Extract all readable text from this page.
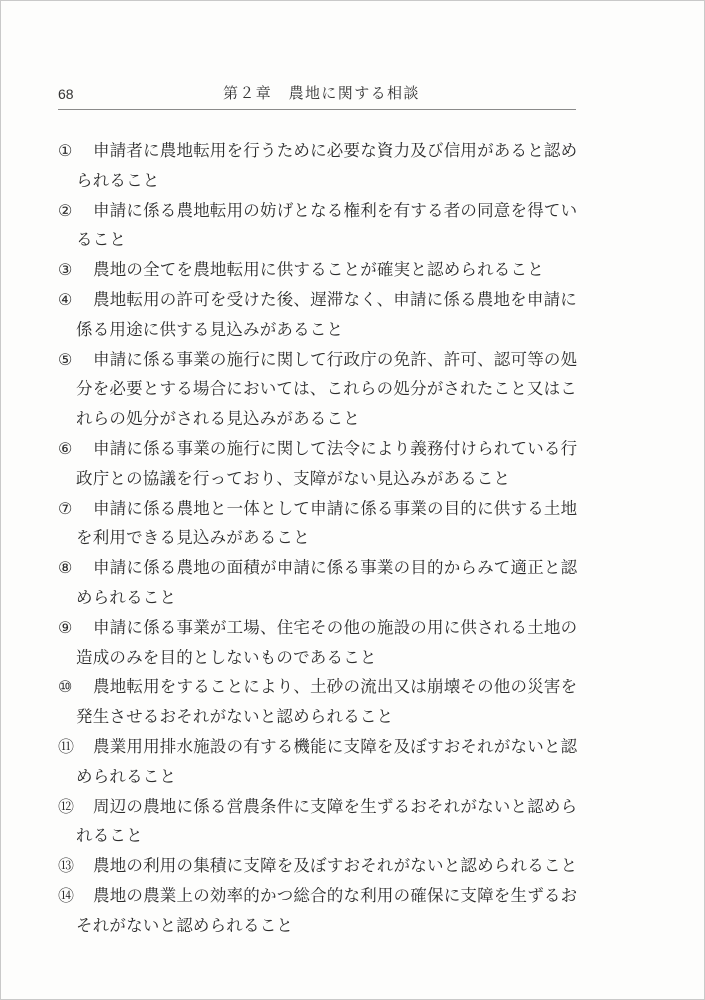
68	第２章　農地に関する相談
①	申請者に農地転用を行うために必要な資力及び信用があると認め
られること
②	申請に係る農地転用の妨げとなる権利を有する者の同意を得てい
ること
③	農地の全てを農地転用に供することが確実と認められること
④	農地転用の許可を受けた後、遅滞なく、申請に係る農地を申請に
係る用途に供する見込みがあること
⑤	申請に係る事業の施行に関して行政庁の免許、許可、認可等の処
分を必要とする場合においては、これらの処分がされたこと又はこ
れらの処分がされる見込みがあること
⑥	申請に係る事業の施行に関して法令により義務付けられている行
政庁との協議を行っており、支障がない見込みがあること
⑦	申請に係る農地と一体として申請に係る事業の目的に供する土地
を利用できる見込みがあること
⑧	申請に係る農地の面積が申請に係る事業の目的からみて適正と認
められること
⑨	申請に係る事業が工場、住宅その他の施設の用に供される土地の
造成のみを目的としないものであること
⑩	農地転用をすることにより、土砂の流出又は崩壊その他の災害を
発生させるおそれがないと認められること
⑪	農業用用排水施設の有する機能に支障を及ぼすおそれがないと認
められること
⑫	周辺の農地に係る営農条件に支障を生ずるおそれがないと認めら
れること
⑬	農地の利用の集積に支障を及ぼすおそれがないと認められること
⑭	農地の農業上の効率的かつ総合的な利用の確保に支障を生ずるお
それがないと認められること
